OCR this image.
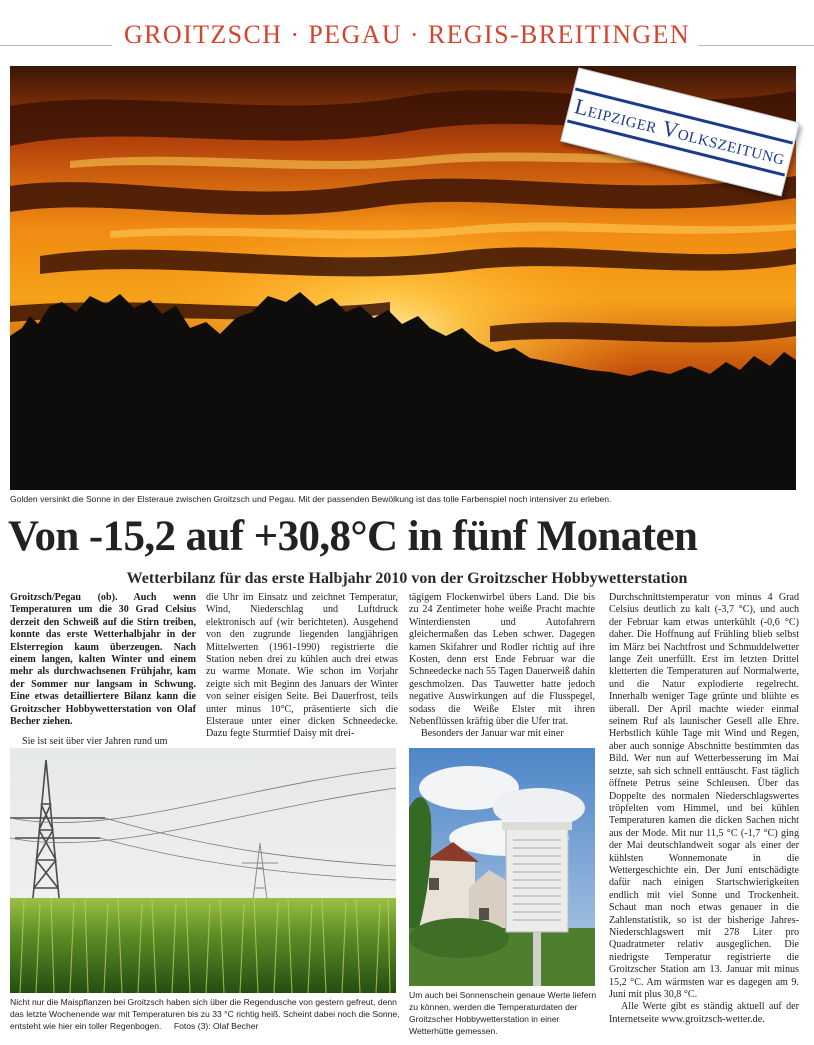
GROITZSCH · PEGAU · REGIS-BREITINGEN
Leipziger Volkszeitung
Golden versinkt die Sonne in der Elsteraue zwischen Groitzsch und Pegau. Mit der passenden Bewölkung ist das tolle Farbenspiel noch intensiver zu erleben.
Von -15,2 auf +30,8°C in fünf Monaten
Wetterbilanz für das erste Halbjahr 2010 von der Groitzscher Hobbywetterstation

Groitzsch/Pegau (ob). Auch wenn Temperaturen um die 30 Grad Celsius derzeit den Schweiß auf die Stirn treiben, konnte das erste Wetterhalbjahr in der Elsterregion kaum überzeugen. Nach einem langen, kalten Winter und einem mehr als durchwachsenen Frühjahr, kam der Sommer nur langsam in Schwung. Eine etwas detailliertere Bilanz kann die Groitzscher Hobbywetterstation von Olaf Becher ziehen.

Sie ist seit über vier Jahren rund um

die Uhr im Einsatz und zeichnet Temperatur, Wind, Niederschlag und Luftdruck elektronisch auf (wir berichteten). Ausgehend von den zugrunde liegenden langjährigen Mittelwerten (1961-1990) registrierte die Station neben drei zu kühlen auch drei etwas zu warme Monate. Wie schon im Vorjahr zeigte sich mit Beginn des Januars der Winter von seiner eisigen Seite. Bei Dauerfrost, teils unter minus 10°C, präsentierte sich die Elsteraue unter einer dicken Schneedecke. Dazu fegte Sturmtief Daisy mit drei-

tägigem Flockenwirbel übers Land. Die bis zu 24 Zentimeter hohe weiße Pracht machte Winterdiensten und Autofahrern gleichermaßen das Leben schwer. Dagegen kamen Skifahrer und Rodler richtig auf ihre Kosten, denn erst Ende Februar war die Schneedecke nach 55 Tagen Dauerweiß dahin geschmolzen. Das Tauwetter hatte jedoch negative Auswirkungen auf die Flusspegel, sodass die Weiße Elster mit ihren Nebenflüssen kräftig über die Ufer trat.

Besonders der Januar war mit einer

Durchschnittstemperatur von minus 4 Grad Celsius deutlich zu kalt (-3,7 °C), und auch der Februar kam etwas unterkühlt (-0,6 °C) daher. Die Hoffnung auf Frühling blieb selbst im März bei Nachtfrost und Schmuddelwetter lange Zeit unerfüllt. Erst im letzten Drittel kletterten die Temperaturen auf Normalwerte, und die Natur explodierte regelrecht. Innerhalb weniger Tage grünte und blühte es überall. Der April machte wieder einmal seinem Ruf als launischer Gesell alle Ehre. Herbstlich kühle Tage mit Wind und Regen, aber auch sonnige Abschnitte bestimmten das Bild. Wer nun auf Wetterbesserung im Mai setzte, sah sich schnell enttäuscht. Fast täglich öffnete Petrus seine Schleusen. Über das Doppelte des normalen Niederschlagswertes tröpfelten vom Himmel, und bei kühlen Temperaturen kamen die dicken Sachen nicht aus der Mode. Mit nur 11,5 °C (-1,7 °C) ging der Mai deutschlandweit sogar als einer der kühlsten Wonnemonate in die Wettergeschichte ein. Der Juni entschädigte dafür nach einigen Startschwierigkeiten endlich mit viel Sonne und Trockenheit. Schaut man noch etwas genauer in die Zahlenstatistik, so ist der bisherige Jahres-Niederschlagswert mit 278 Liter pro Quadratmeter relativ ausgeglichen. Die niedrigste Temperatur registrierte die Groitzscher Station am 13. Januar mit minus 15,2 °C. Am wärmsten war es dagegen am 9. Juni mit plus 30,8 °C.

Alle Werte gibt es ständig aktuell auf der Internetseite www.groitzsch-wetter.de.

Nicht nur die Maispflanzen bei Groitzsch haben sich über die Regendusche von gestern gefreut, denn das letzte Wochenende war mit Temperaturen bis zu 33 °C richtig heiß. Scheint dabei noch die Sonne, entsteht wie hier ein toller Regenbogen. Fotos (3): Olaf Becher
Um auch bei Sonnenschein genaue Werte liefern zu können, werden die Temperaturdaten der Groitzscher Hobbywetterstation in einer Wetterhütte gemessen.
